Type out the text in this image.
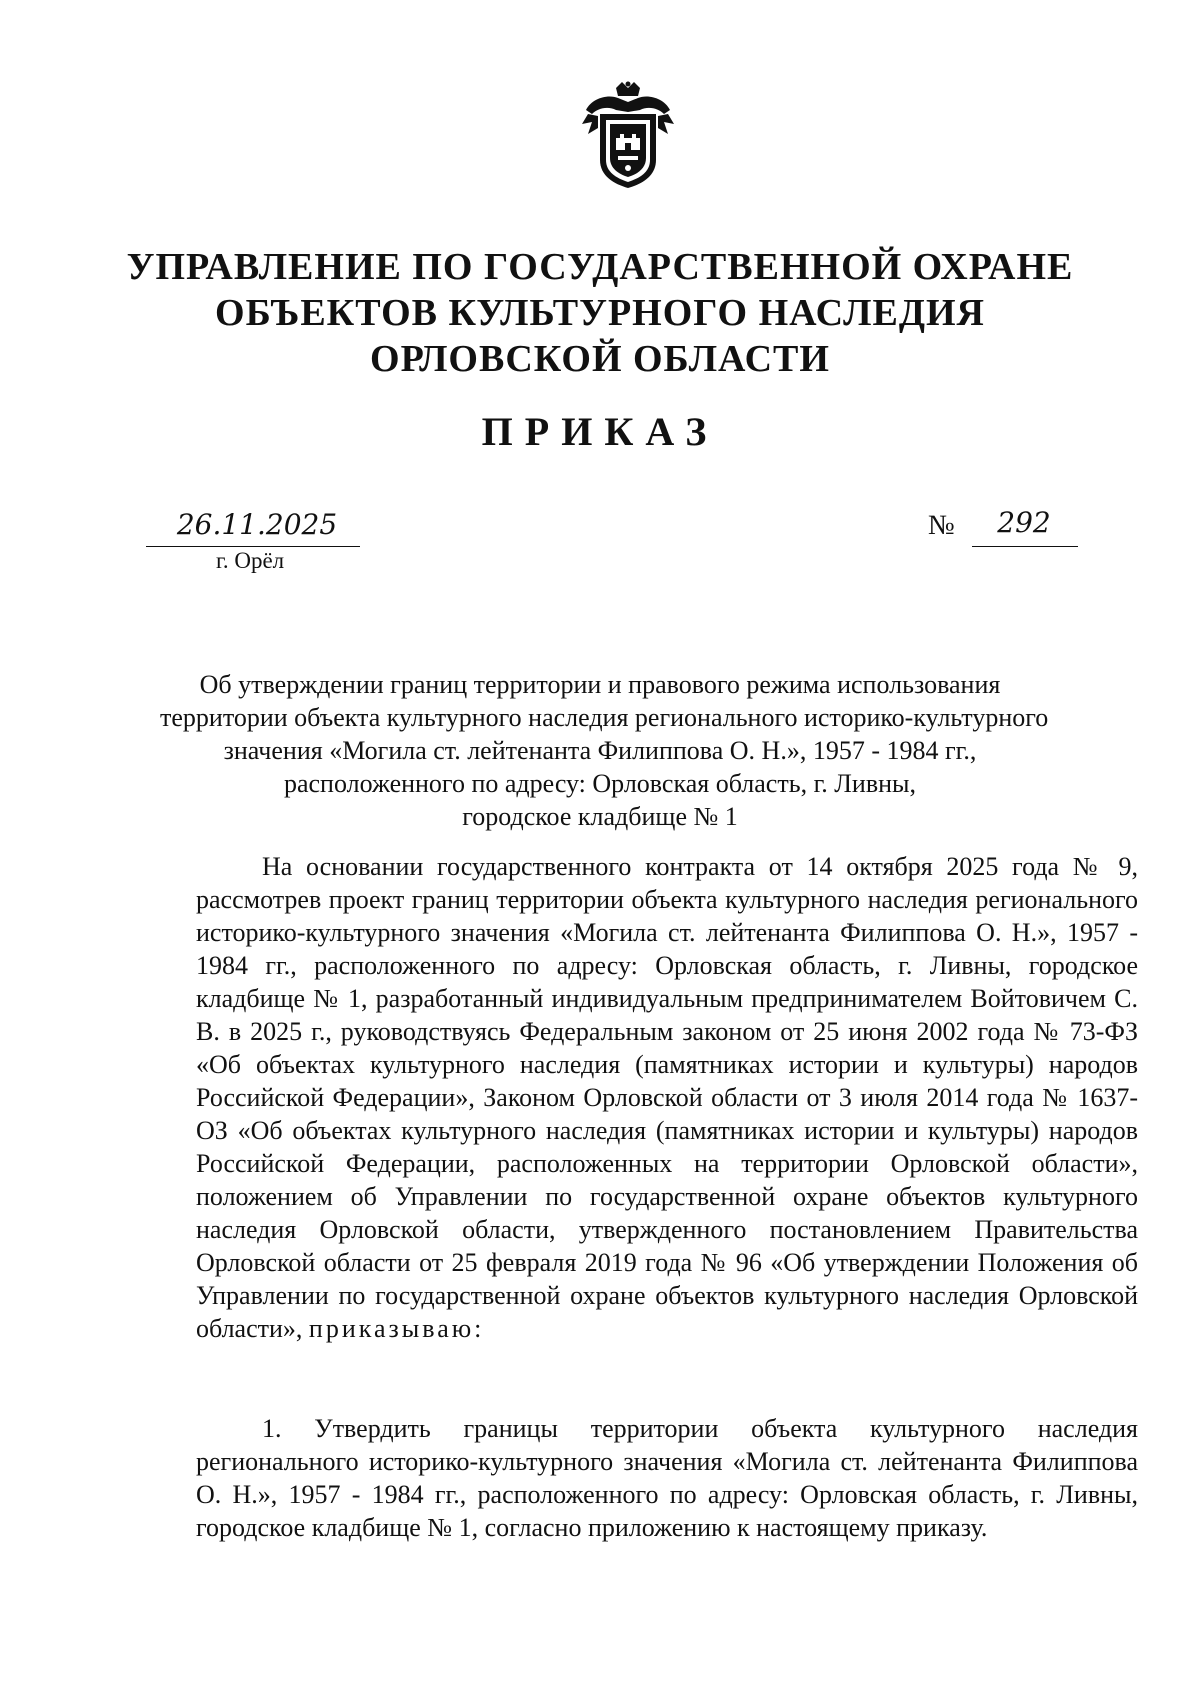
УПРАВЛЕНИЕ ПО ГОСУДАРСТВЕННОЙ ОХРАНЕ
ОБЪЕКТОВ КУЛЬТУРНОГО НАСЛЕДИЯ
ОРЛОВСКОЙ ОБЛАСТИ
ПРИКАЗ
26.11.2025
г. Орёл
№	292
Об утверждении границ территории и правового режима использования
территории объекта культурного наследия регионального историко-культурного
значения «Могила ст. лейтенанта Филиппова О. Н.», 1957 - 1984 гг.,
расположенного по адресу: Орловская область, г. Ливны,
городское кладбище № 1

На основании государственного контракта от 14 октября 2025 года № 9, рассмотрев проект границ территории объекта культурного наследия регионального историко-культурного значения «Могила ст. лейтенанта Филиппова О. Н.», 1957 - 1984 гг., расположенного по адресу: Орловская область, г. Ливны, городское кладбище № 1, разработанный индивидуальным предпринимателем Войтовичем С. В. в 2025 г., руководствуясь Федеральным законом от 25 июня 2002 года № 73-ФЗ «Об объектах культурного наследия (памятниках истории и культуры) народов Российской Федерации», Законом Орловской области от 3 июля 2014 года № 1637-ОЗ «Об объектах культурного наследия (памятниках истории и культуры) народов Российской Федерации, расположенных на территории Орловской области», положением об Управлении по государственной охране объектов культурного наследия Орловской области, утвержденного постановлением Правительства Орловской области от 25 февраля 2019 года № 96 «Об утверждении Положения об Управлении по государственной охране объектов культурного наследия Орловской области», приказываю:

1. Утвердить границы территории объекта культурного наследия регионального историко-культурного значения «Могила ст. лейтенанта Филиппова О. Н.», 1957 - 1984 гг., расположенного по адресу: Орловская область, г. Ливны, городское кладбище № 1, согласно приложению к настоящему приказу.
